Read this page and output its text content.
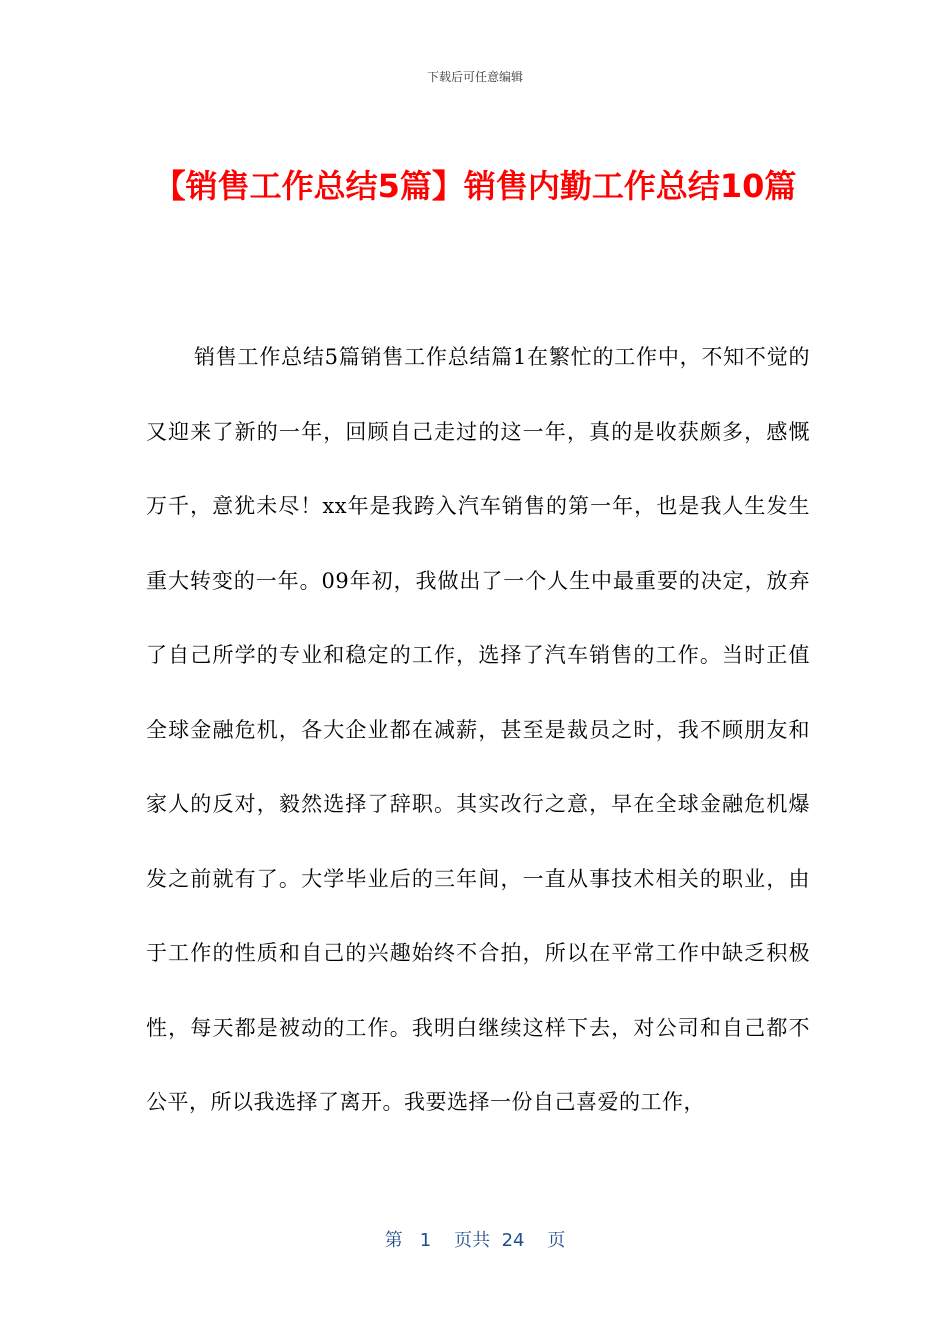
下载后可任意编辑
【销售工作总结5篇】销售内勤工作总结10篇

销售工作总结5篇销售工作总结篇1在繁忙的工作中，不知不觉的又迎来了新的一年，回顾自己走过的这一年，真的是收获颇多，感慨万千，意犹未尽！xx年是我跨入汽车销售的第一年，也是我人生发生重大转变的一年。09年初，我做出了一个人生中最重要的决定，放弃了自己所学的专业和稳定的工作，选择了汽车销售的工作。当时正值全球金融危机，各大企业都在减薪，甚至是裁员之时，我不顾朋友和家人的反对，毅然选择了辞职。其实改行之意，早在全球金融危机爆发之前就有了。大学毕业后的三年间，一直从事技术相关的职业，由于工作的性质和自己的兴趣始终不合拍，所以在平常工作中缺乏积极性，每天都是被动的工作。我明白继续这样下去，对公司和自己都不公平，所以我选择了离开。我要选择一份自己喜爱的工作，

第 1 页共 24 页
